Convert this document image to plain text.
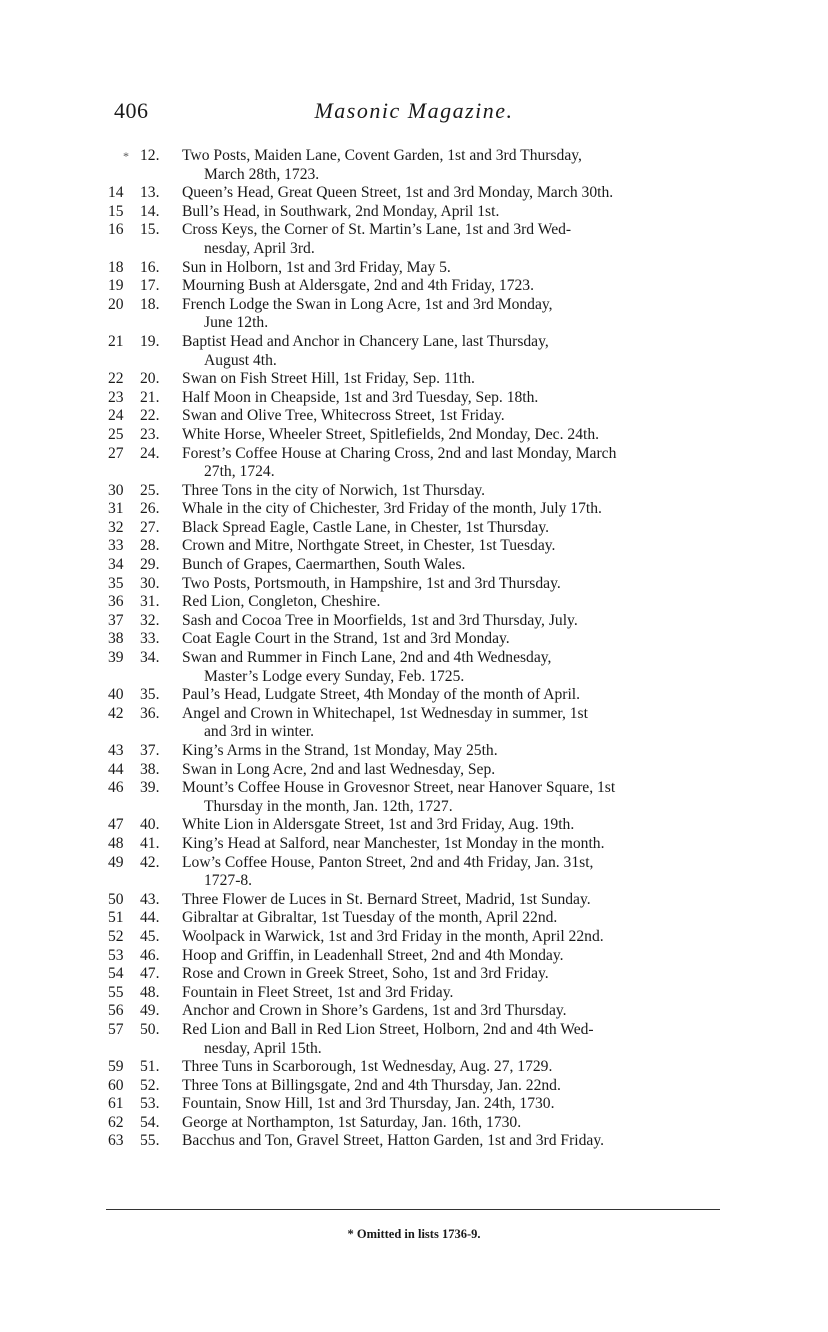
406	Masonic Magazine.
* 12.	Two Posts, Maiden Lane, Covent Garden, 1st and 3rd Thursday,
March 28th, 1723.
14	13.	Queen’s Head, Great Queen Street, 1st and 3rd Monday, March 30th.
15	14.	Bull’s Head, in Southwark, 2nd Monday, April 1st.
16	15.	Cross Keys, the Corner of St. Martin’s Lane, 1st and 3rd Wed-
nesday, April 3rd.
18	16.	Sun in Holborn, 1st and 3rd Friday, May 5.
19	17.	Mourning Bush at Aldersgate, 2nd and 4th Friday, 1723.
20	18.	French Lodge the Swan in Long Acre, 1st and 3rd Monday,
June 12th.
21	19.	Baptist Head and Anchor in Chancery Lane, last Thursday,
August 4th.
22	20.	Swan on Fish Street Hill, 1st Friday, Sep. 11th.
23	21.	Half Moon in Cheapside, 1st and 3rd Tuesday, Sep. 18th.
24	22.	Swan and Olive Tree, Whitecross Street, 1st Friday.
25	23.	White Horse, Wheeler Street, Spitlefields, 2nd Monday, Dec. 24th.
27	24.	Forest’s Coffee House at Charing Cross, 2nd and last Monday, March
27th, 1724.
30	25.	Three Tons in the city of Norwich, 1st Thursday.
31	26.	Whale in the city of Chichester, 3rd Friday of the month, July 17th.
32	27.	Black Spread Eagle, Castle Lane, in Chester, 1st Thursday.
33	28.	Crown and Mitre, Northgate Street, in Chester, 1st Tuesday.
34	29.	Bunch of Grapes, Caermarthen, South Wales.
35	30.	Two Posts, Portsmouth, in Hampshire, 1st and 3rd Thursday.
36	31.	Red Lion, Congleton, Cheshire.
37	32.	Sash and Cocoa Tree in Moorfields, 1st and 3rd Thursday, July.
38	33.	Coat Eagle Court in the Strand, 1st and 3rd Monday.
39	34.	Swan and Rummer in Finch Lane, 2nd and 4th Wednesday,
Master’s Lodge every Sunday, Feb. 1725.
40	35.	Paul’s Head, Ludgate Street, 4th Monday of the month of April.
42	36.	Angel and Crown in Whitechapel, 1st Wednesday in summer, 1st
and 3rd in winter.
43	37.	King’s Arms in the Strand, 1st Monday, May 25th.
44	38.	Swan in Long Acre, 2nd and last Wednesday, Sep.
46	39.	Mount’s Coffee House in Grovesnor Street, near Hanover Square, 1st
Thursday in the month, Jan. 12th, 1727.
47	40.	White Lion in Aldersgate Street, 1st and 3rd Friday, Aug. 19th.
48	41.	King’s Head at Salford, near Manchester, 1st Monday in the month.
49	42.	Low’s Coffee House, Panton Street, 2nd and 4th Friday, Jan. 31st,
1727-8.
50	43.	Three Flower de Luces in St. Bernard Street, Madrid, 1st Sunday.
51	44.	Gibraltar at Gibraltar, 1st Tuesday of the month, April 22nd.
52	45.	Woolpack in Warwick, 1st and 3rd Friday in the month, April 22nd.
53	46.	Hoop and Griffin, in Leadenhall Street, 2nd and 4th Monday.
54	47.	Rose and Crown in Greek Street, Soho, 1st and 3rd Friday.
55	48.	Fountain in Fleet Street, 1st and 3rd Friday.
56	49.	Anchor and Crown in Shore’s Gardens, 1st and 3rd Thursday.
57	50.	Red Lion and Ball in Red Lion Street, Holborn, 2nd and 4th Wed-
nesday, April 15th.
59	51.	Three Tuns in Scarborough, 1st Wednesday, Aug. 27, 1729.
60	52.	Three Tons at Billingsgate, 2nd and 4th Thursday, Jan. 22nd.
61	53.	Fountain, Snow Hill, 1st and 3rd Thursday, Jan. 24th, 1730.
62	54.	George at Northampton, 1st Saturday, Jan. 16th, 1730.
63	55.	Bacchus and Ton, Gravel Street, Hatton Garden, 1st and 3rd Friday.
* Omitted in lists 1736-9.
